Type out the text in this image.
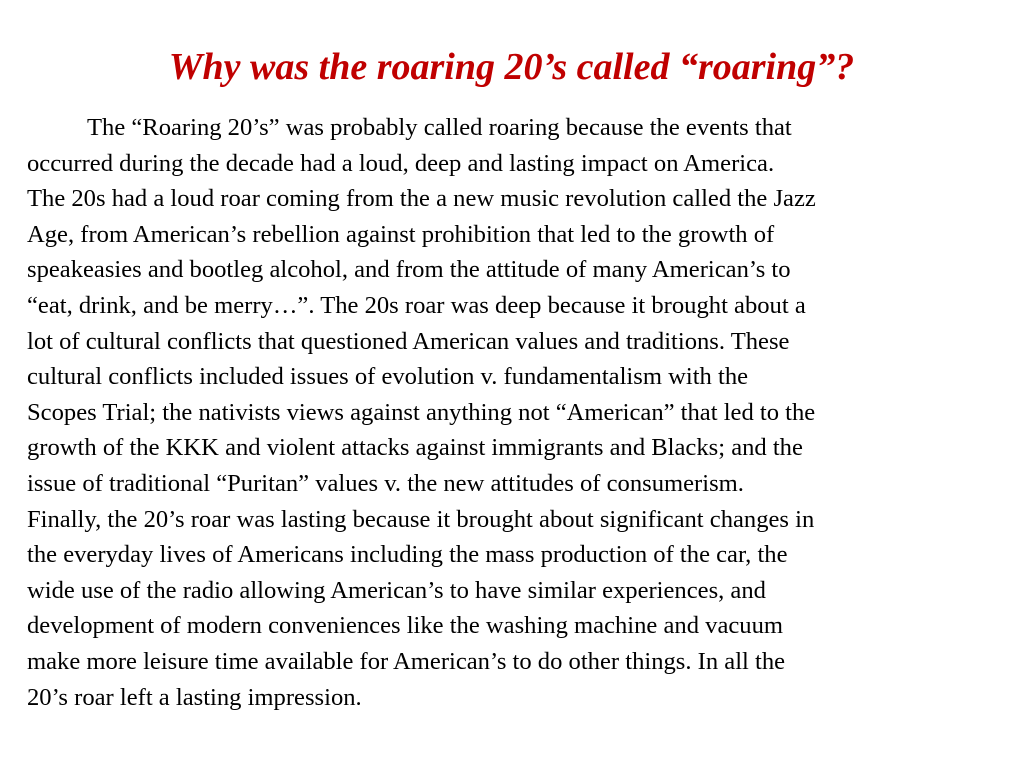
Why was the roaring 20’s called “roaring”?
The “Roaring 20’s” was probably called roaring because the events that
occurred during the decade had a loud, deep and lasting impact on America.
The 20s had a loud roar coming from the a new music revolution called the Jazz
Age, from American’s rebellion against prohibition that led to the growth of
speakeasies and bootleg alcohol, and from the attitude of many American’s to
“eat, drink, and be merry…”. The 20s roar was deep because it brought about a
lot of cultural conflicts that questioned American values and traditions. These
cultural conflicts included issues of evolution v. fundamentalism with the
Scopes Trial; the nativists views against anything not “American” that led to the
growth of the KKK and violent attacks against immigrants and Blacks; and the
issue of traditional “Puritan” values v. the new attitudes of consumerism.
Finally, the 20’s roar was lasting because it brought about significant changes in
the everyday lives of Americans including the mass production of the car, the
wide use of the radio allowing American’s to have similar experiences, and
development of modern conveniences like the washing machine and vacuum
make more leisure time available for American’s to do other things. In all the
20’s roar left a lasting impression.
